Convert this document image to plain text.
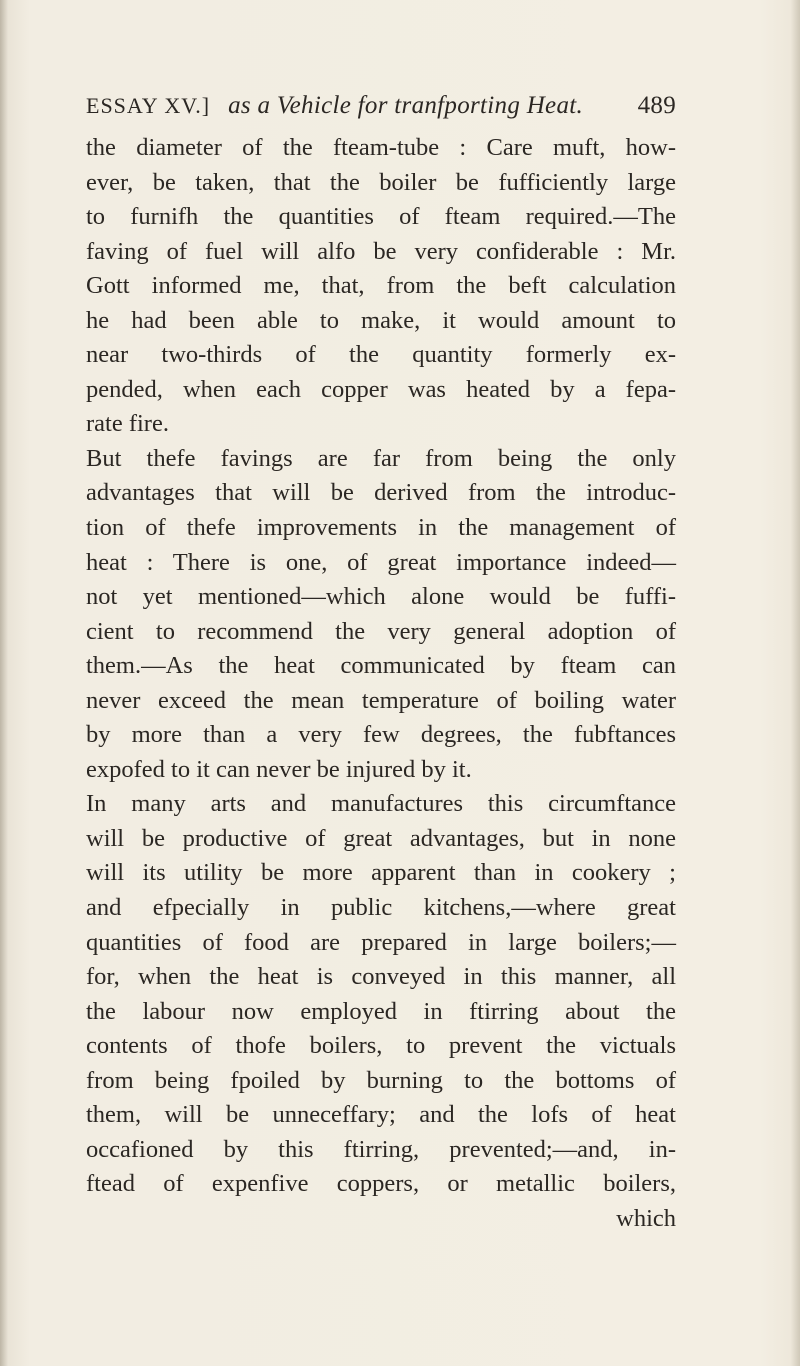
ESSAY XV.] as a Vehicle for tranfporting Heat. 489
the diameter of the fteam-tube : Care muft, how-
ever, be taken, that the boiler be fufficiently large
to furnifh the quantities of fteam required.—The
faving of fuel will alfo be very confiderable : Mr.
Gott informed me, that, from the beft calculation
he had been able to make, it would amount to
near two-thirds of the quantity formerly ex-
pended, when each copper was heated by a fepa-
rate fire.
But thefe favings are far from being the only
advantages that will be derived from the introduc-
tion of thefe improvements in the management of
heat : There is one, of great importance indeed—
not yet mentioned—which alone would be fuffi-
cient to recommend the very general adoption of
them.—As the heat communicated by fteam can
never exceed the mean temperature of boiling water
by more than a very few degrees, the fubftances
expofed to it can never be injured by it.
In many arts and manufactures this circumftance
will be productive of great advantages, but in none
will its utility be more apparent than in cookery ;
and efpecially in public kitchens,—where great
quantities of food are prepared in large boilers;—
for, when the heat is conveyed in this manner, all
the labour now employed in ftirring about the
contents of thofe boilers, to prevent the victuals
from being fpoiled by burning to the bottoms of
them, will be unneceffary; and the lofs of heat
occafioned by this ftirring, prevented;—and, in-
ftead of expenfive coppers, or metallic boilers,
which
